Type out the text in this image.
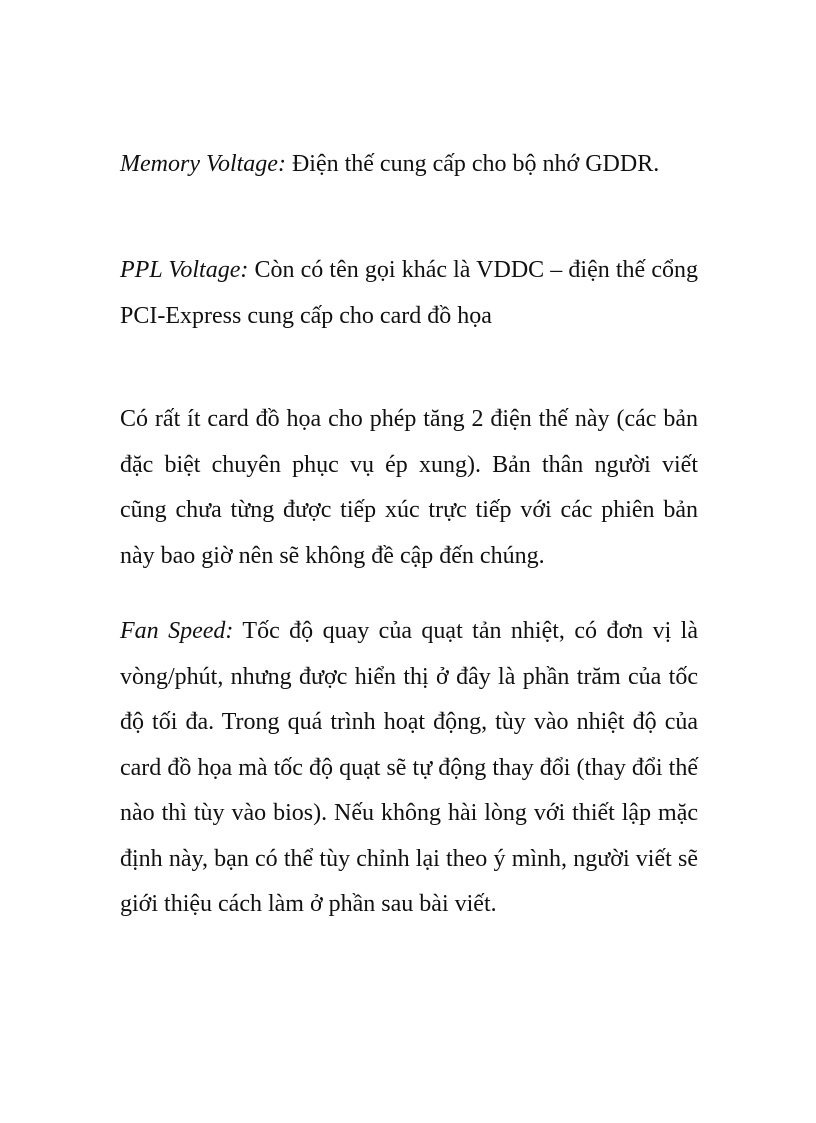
Memory Voltage: Điện thế cung cấp cho bộ nhớ GDDR.

PPL Voltage: Còn có tên gọi khác là VDDC – điện thế cổng PCI-Express cung cấp cho card đồ họa

Có rất ít card đồ họa cho phép tăng 2 điện thế này (các bản đặc biệt chuyên phục vụ ép xung). Bản thân người viết cũng chưa từng được tiếp xúc trực tiếp với các phiên bản này bao giờ nên sẽ không đề cập đến chúng.

Fan Speed: Tốc độ quay của quạt tản nhiệt, có đơn vị là vòng/phút, nhưng được hiển thị ở đây là phần trăm của tốc độ tối đa. Trong quá trình hoạt động, tùy vào nhiệt độ của card đồ họa mà tốc độ quạt sẽ tự động thay đổi (thay đổi thế nào thì tùy vào bios). Nếu không hài lòng với thiết lập mặc định này, bạn có thể tùy chỉnh lại theo ý mình, người viết sẽ giới thiệu cách làm ở phần sau bài viết.
